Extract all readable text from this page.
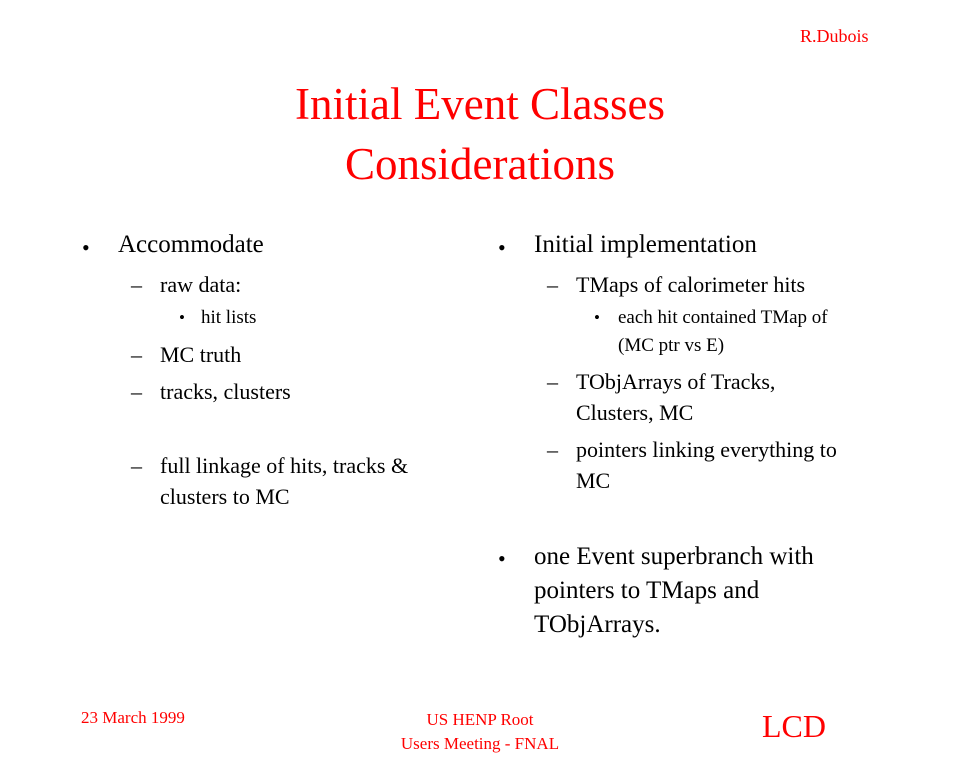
R.Dubois
Initial Event Classes
Considerations
• Accommodate
– raw data:
• hit lists
– MC truth
– tracks, clusters
– full linkage of hits, tracks &
clusters to MC
• Initial implementation
– TMaps of calorimeter hits
• each hit contained TMap of
(MC ptr vs E)
– TObjArrays of Tracks,
Clusters, MC
– pointers linking everything to
MC
• one Event superbranch with
pointers to TMaps and
TObjArrays.
23 March 1999	US HENP Root
Users Meeting - FNAL	LCD
